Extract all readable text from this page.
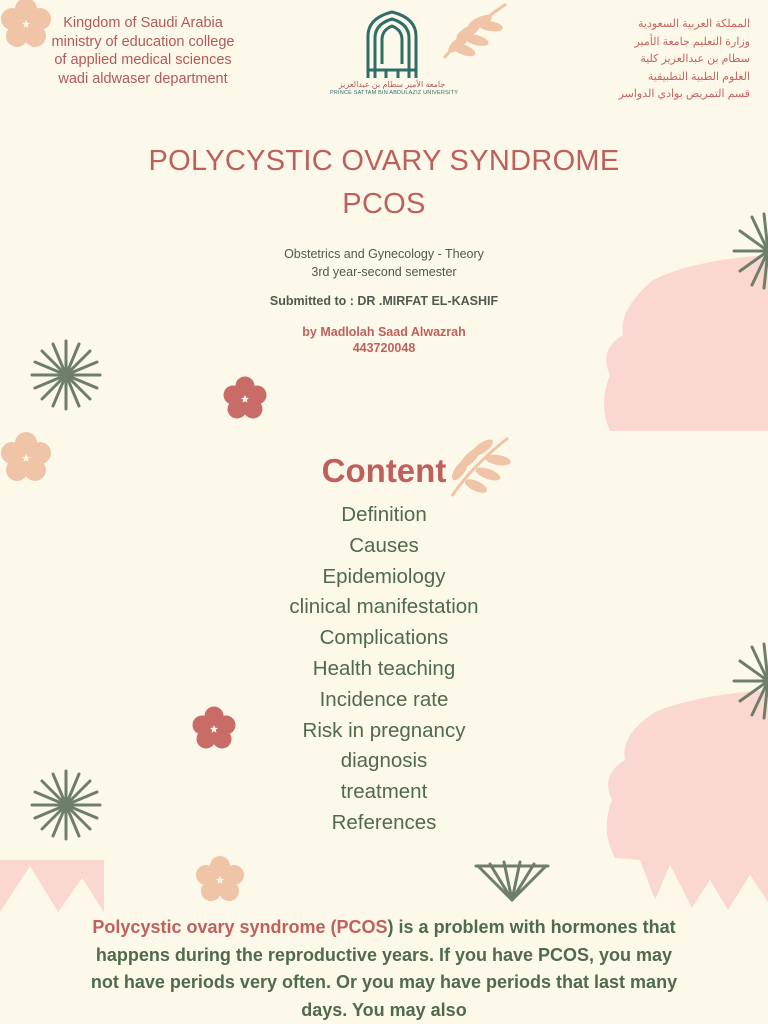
Kingdom of Saudi Arabia
ministry of education college
of applied medical sciences
wadi aldwaser department	جامعة الأمير سطام بن عبدالعزيز
PRINCE SATTAM BIN ABDULAZIZ UNIVERSITY
المملكة العربية السعودية
وزارة التعليم جامعة الأمير
سطام بن عبدالعزيز كلية
العلوم الطبية التطبيقية
قسم التمريض بوادي الدواسر
POLYCYSTIC OVARY SYNDROME
PCOS
Obstetrics and Gynecology - Theory
3rd year-second semester
Submitted to : DR .MIRFAT EL-KASHIF
by Madlolah Saad Alwazrah
443720048
Content
Definition
Causes
Epidemiology
clinical manifestation
Complications
Health teaching
Incidence rate
Risk in pregnancy
diagnosis
treatment
References

Polycystic ovary syndrome (PCOS) is a problem with hormones that happens during the reproductive years. If you have PCOS, you may not have periods very often. Or you may have periods that last many days. You may also
